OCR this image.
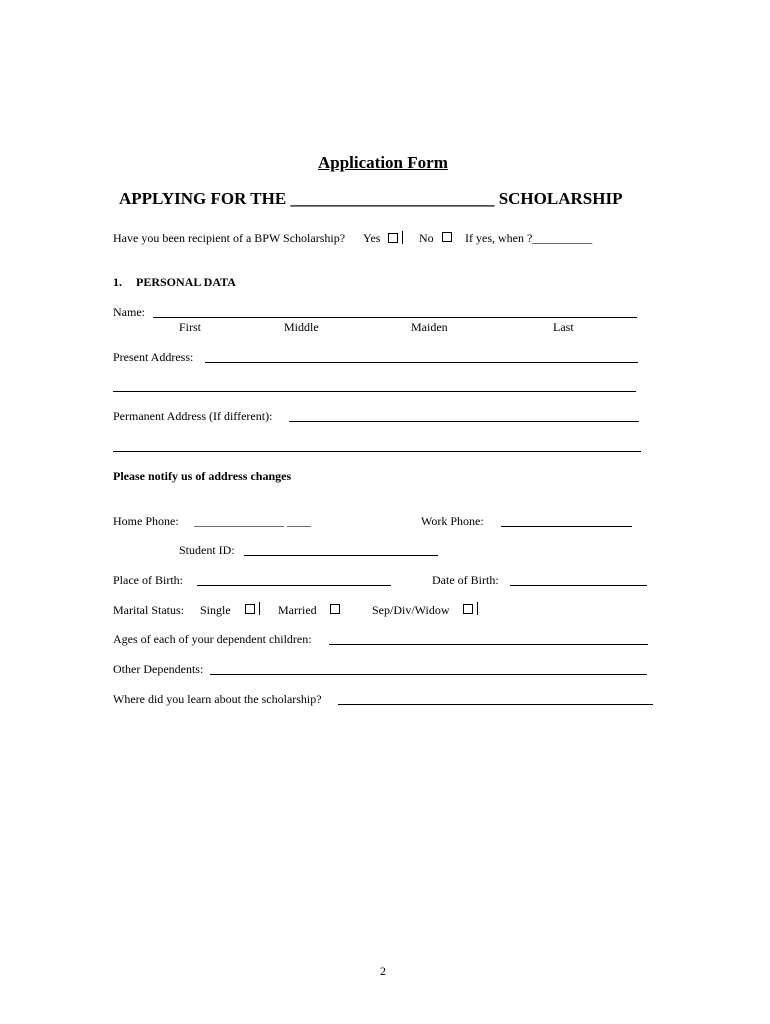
Application Form
APPLYING FOR THE ________________________ SCHOLARSHIP
Have you been recipient of a BPW Scholarship? Yes	No	If yes, when ?__________
1. PERSONAL DATA
Name:
First	Middle	Maiden	Last
Present Address:
Permanent Address (If different):
Please notify us of address changes
Home Phone: _______________ ____	Work Phone:
Student ID:
Place of Birth:	Date of Birth:
Marital Status: Single	Married	Sep/Div/Widow
Ages of each of your dependent children:
Other Dependents:
Where did you learn about the scholarship?
2
